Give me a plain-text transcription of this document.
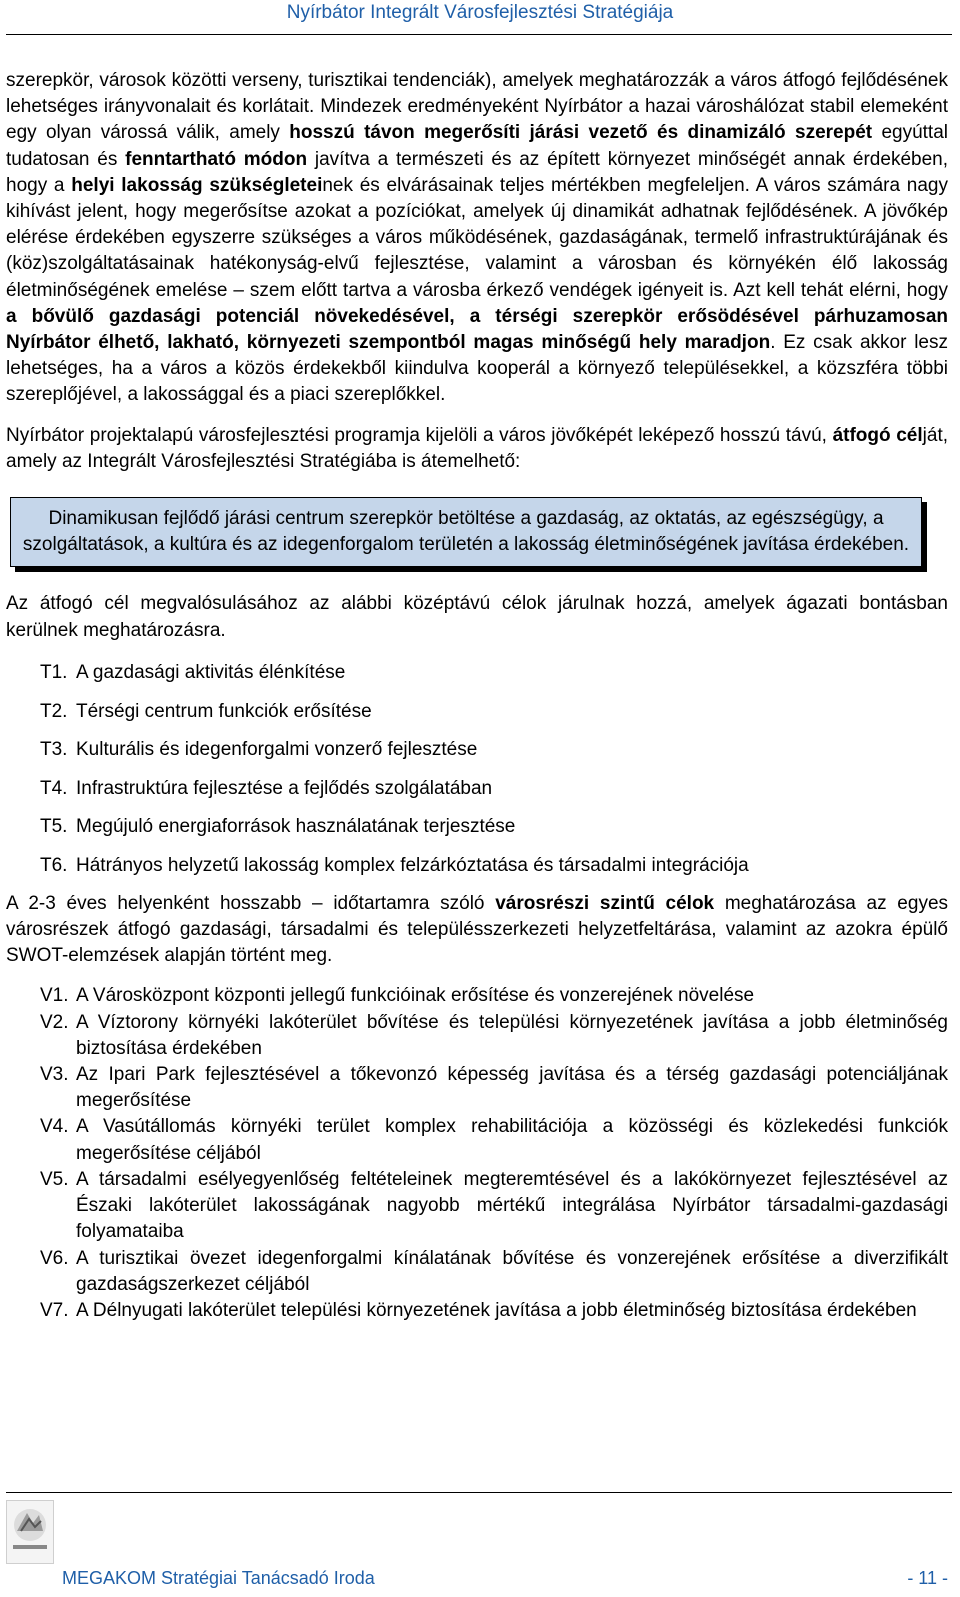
Nyírbátor Integrált Városfejlesztési Stratégiája

szerepkör, városok közötti verseny, turisztikai tendenciák), amelyek meghatározzák a város átfogó fejlődésének lehetséges irányvonalait és korlátait. Mindezek eredményeként Nyírbátor a hazai városhálózat stabil elemeként egy olyan várossá válik, amely hosszú távon megerősíti járási vezető és dinamizáló szerepét egyúttal tudatosan és fenntartható módon javítva a természeti és az épített környezet minőségét annak érdekében, hogy a helyi lakosság szükségleteinek és elvárásainak teljes mértékben megfeleljen. A város számára nagy kihívást jelent, hogy megerősítse azokat a pozíciókat, amelyek új dinamikát adhatnak fejlődésének. A jövőkép elérése érdekében egyszerre szükséges a város működésének, gazdaságának, termelő infrastruktúrájának és (köz)szolgáltatásainak hatékonyság-elvű fejlesztése, valamint a városban és környékén élő lakosság életminőségének emelése – szem előtt tartva a városba érkező vendégek igényeit is. Azt kell tehát elérni, hogy a bővülő gazdasági potenciál növekedésével, a térségi szerepkör erősödésével párhuzamosan Nyírbátor élhető, lakható, környezeti szempontból magas minőségű hely maradjon. Ez csak akkor lesz lehetséges, ha a város a közös érdekekből kiindulva kooperál a környező településekkel, a közszféra többi szereplőjével, a lakossággal és a piaci szereplőkkel.

Nyírbátor projektalapú városfejlesztési programja kijelöli a város jövőképét leképező hosszú távú, átfogó célját, amely az Integrált Városfejlesztési Stratégiába is átemelhető:

Dinamikusan fejlődő járási centrum szerepkör betöltése a gazdaság, az oktatás, az egészségügy, a szolgáltatások, a kultúra és az idegenforgalom területén a lakosság életminőségének javítása érdekében.

Az átfogó cél megvalósulásához az alábbi középtávú célok járulnak hozzá, amelyek ágazati bontásban kerülnek meghatározásra.

T1. A gazdasági aktivitás élénkítése
T2. Térségi centrum funkciók erősítése
T3. Kulturális és idegenforgalmi vonzerő fejlesztése
T4. Infrastruktúra fejlesztése a fejlődés szolgálatában
T5. Megújuló energiaforrások használatának terjesztése
T6. Hátrányos helyzetű lakosság komplex felzárkóztatása és társadalmi integrációja

A 2-3 éves helyenként hosszabb – időtartamra szóló városrészi szintű célok meghatározása az egyes városrészek átfogó gazdasági, társadalmi és településszerkezeti helyzetfeltárása, valamint az azokra épülő SWOT-elemzések alapján történt meg.

V1. A Városközpont központi jellegű funkcióinak erősítése és vonzerejének növelése
V2. A Víztorony környéki lakóterület bővítése és települési környezetének javítása a jobb életminőség biztosítása érdekében
V3. Az Ipari Park fejlesztésével a tőkevonzó képesség javítása és a térség gazdasági potenciáljának megerősítése
V4. A Vasútállomás környéki terület komplex rehabilitációja a közösségi és közlekedési funkciók megerősítése céljából
V5. A társadalmi esélyegyenlőség feltételeinek megteremtésével és a lakókörnyezet fejlesztésével az Északi lakóterület lakosságának nagyobb mértékű integrálása Nyírbátor társadalmi-gazdasági folyamataiba
V6. A turisztikai övezet idegenforgalmi kínálatának bővítése és vonzerejének erősítése a diverzifikált gazdaságszerkezet céljából
V7. A Délnyugati lakóterület települési környezetének javítása a jobb életminőség biztosítása érdekében
MEGAKOM Stratégiai Tanácsadó Iroda	- 11 -
